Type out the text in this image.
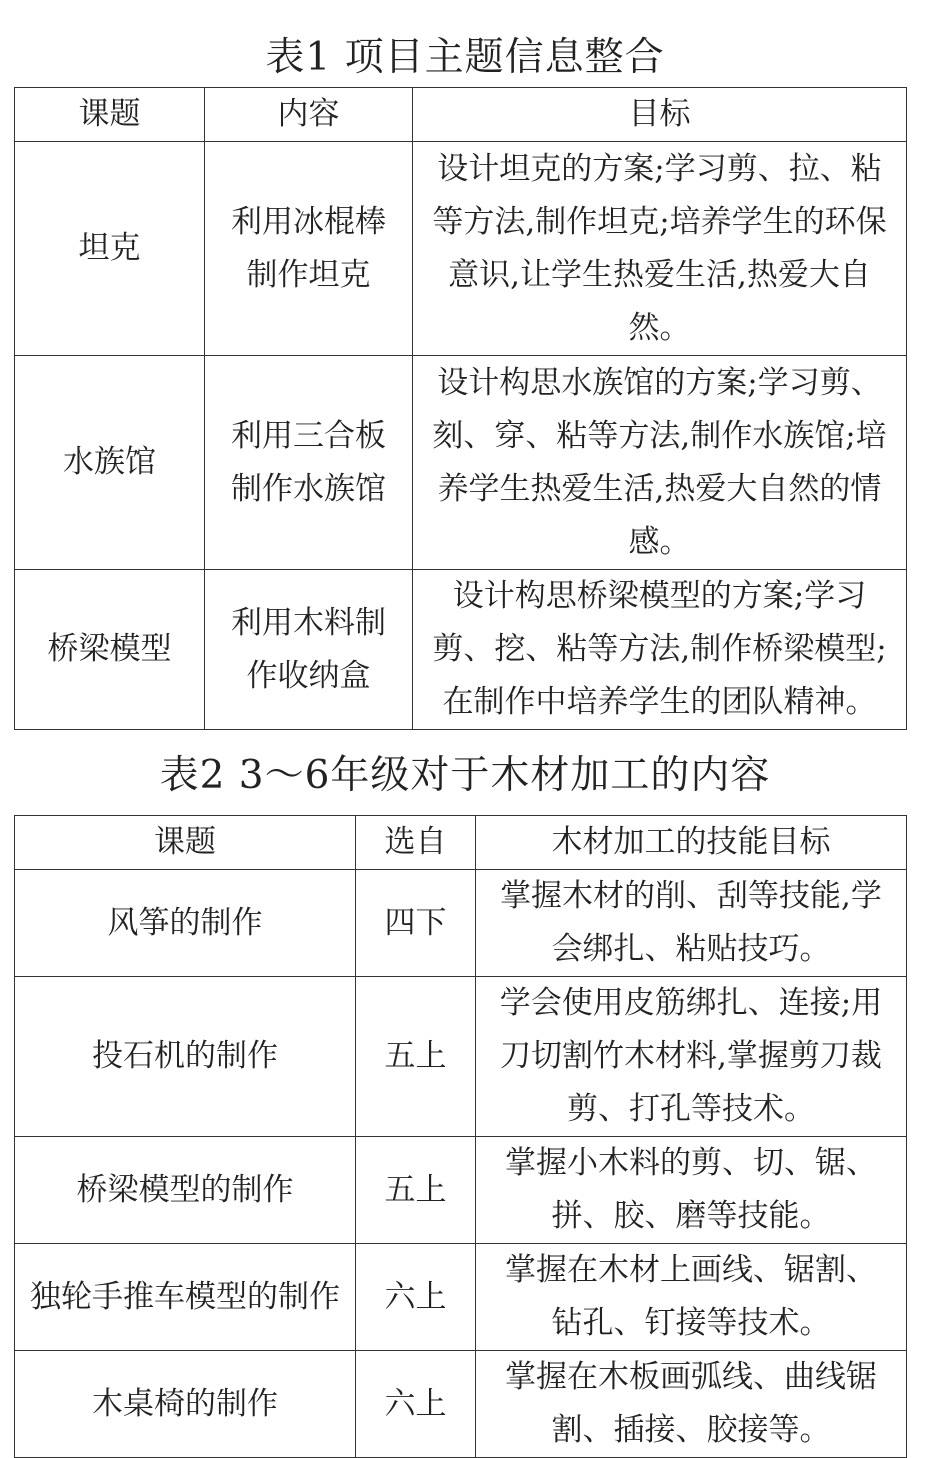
表1 项目主题信息整合
课题	内容	目标
坦克	利用冰棍棒制作坦克	设计坦克的方案;学习剪、拉、粘等方法,制作坦克;培养学生的环保意识,让学生热爱生活,热爱大自然。
水族馆	利用三合板制作水族馆	设计构思水族馆的方案;学习剪、刻、穿、粘等方法,制作水族馆;培养学生热爱生活,热爱大自然的情感。
桥梁模型	利用木料制作收纳盒	设计构思桥梁模型的方案;学习剪、挖、粘等方法,制作桥梁模型;在制作中培养学生的团队精神。
表2 3～6年级对于木材加工的内容
课题	选自	木材加工的技能目标
风筝的制作	四下	掌握木材的削、刮等技能,学会绑扎、粘贴技巧。
投石机的制作	五上	学会使用皮筋绑扎、连接;用刀切割竹木材料,掌握剪刀裁剪、打孔等技术。
桥梁模型的制作	五上	掌握小木料的剪、切、锯、拼、胶、磨等技能。
独轮手推车模型的制作	六上	掌握在木材上画线、锯割、钻孔、钉接等技术。
木桌椅的制作	六上	掌握在木板画弧线、曲线锯割、插接、胶接等。
